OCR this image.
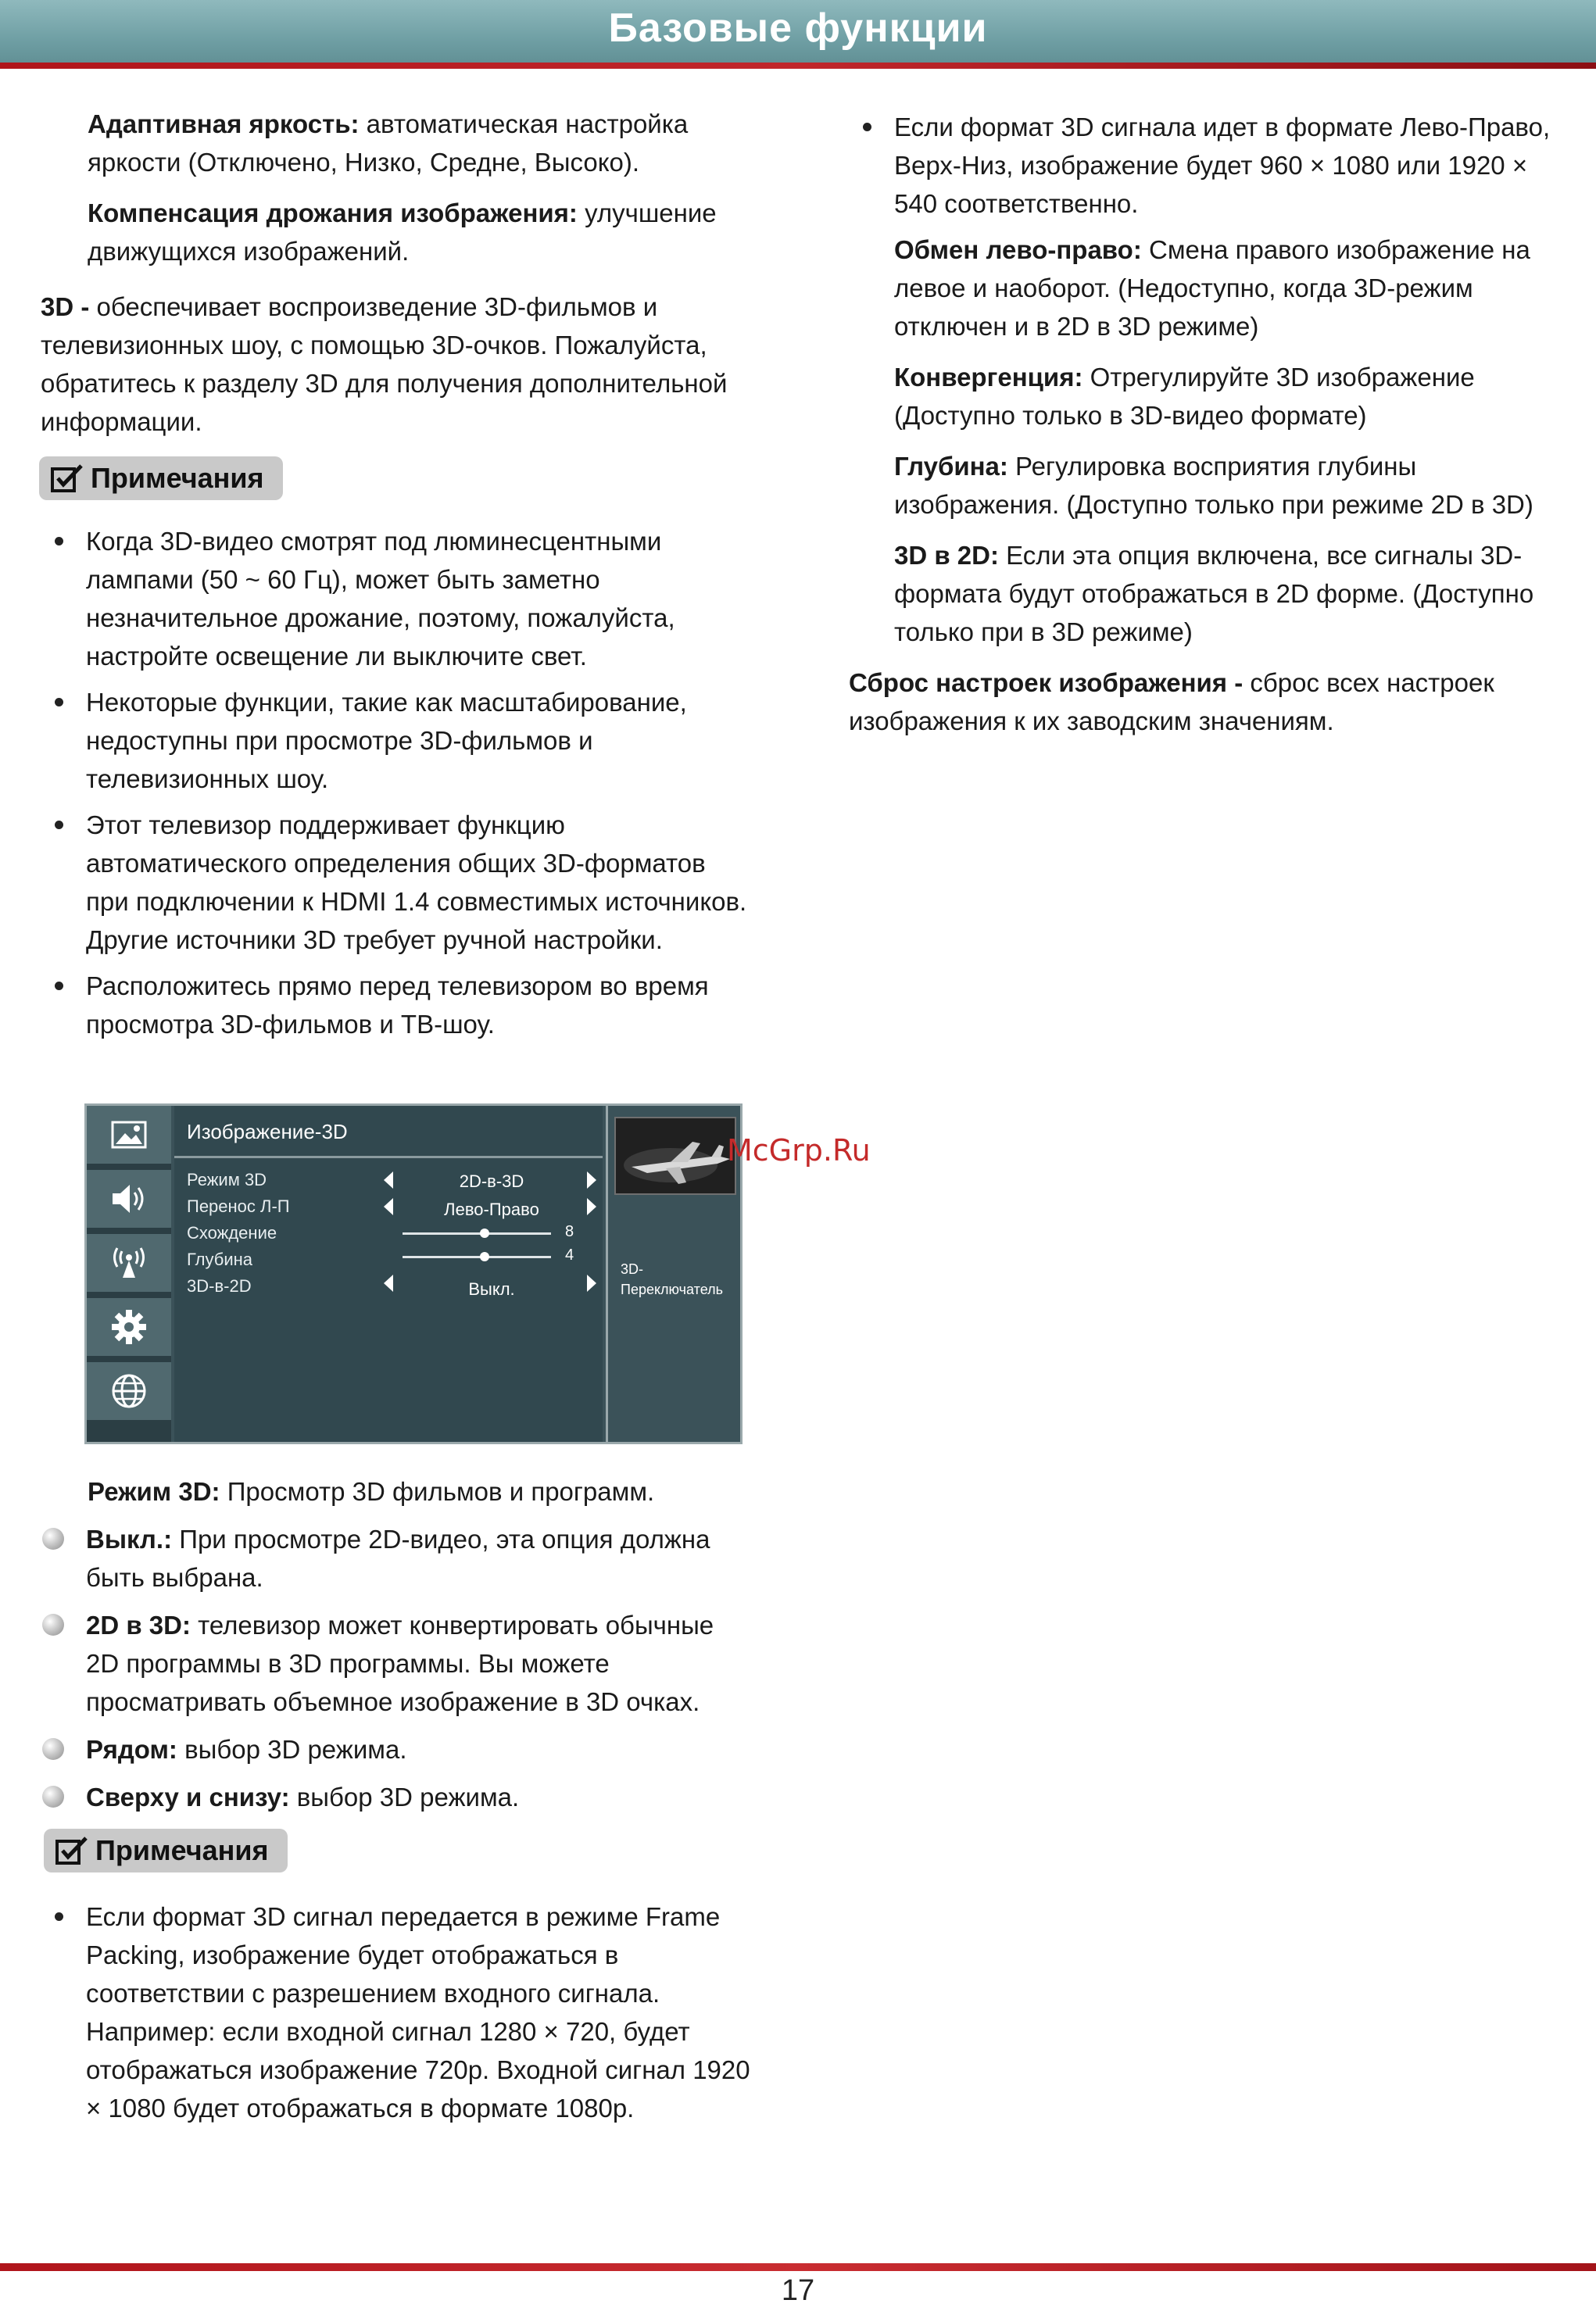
Базовые функции

Адаптивная яркость: автоматическая настройка яркости (Отключено, Низко, Средне, Высоко).

Компенсация дрожания изображения: улучшение движущихся изображений.

3D - обеспечивает воспроизведение 3D-фильмов и телевизионных шоу, с помощью 3D-очков. Пожалуйста, обратитесь к разделу 3D для получения дополнительной информации.

Примечания
Когда 3D-видео смотрят под люминесцентными лампами (50 ~ 60 Гц), может быть заметно незначительное дрожание, поэтому, пожалуйста, настройте освещение ли выключите свет.
Некоторые функции, такие как масштабирование, недоступны при просмотре 3D-фильмов и телевизионных шоу.
Этот телевизор поддерживает функцию автоматического определения общих 3D-форматов при подключении к HDMI 1.4 совместимых источников. Другие источники 3D требует ручной настройки.
Расположитесь прямо перед телевизором во время просмотра 3D-фильмов и ТВ-шоу.
Изображение-3D
Режим 3D	2D-в-3D
Перенос Л-П	Лево-Право
Схождение	8
Глубина	4
3D-в-2D	Выкл.
3D-
Переключатель
McGrp.Ru

Режим 3D: Просмотр 3D фильмов и программ.

Выкл.: При просмотре 2D-видео, эта опция должна быть выбрана.
2D в 3D: телевизор может конвертировать обычные 2D программы в 3D программы. Вы можете просматривать объемное изображение в 3D очках.
Рядом: выбор 3D режима.
Сверху и снизу: выбор 3D режима.
Примечания
Если формат 3D сигнал передается в режиме Frame Packing, изображение будет отображаться в соответствии с разрешением входного сигнала. Например: если входной сигнал 1280 × 720, будет отображаться изображение 720p. Входной сигнал 1920 × 1080 будет отображаться в формате 1080p.
Если формат 3D сигнала идет в формате Лево-Право, Верх-Низ, изображение будет 960 × 1080 или 1920 × 540 соответственно.

Обмен лево-право: Смена правого изображение на левое и наоборот. (Недоступно, когда 3D-режим отключен и в 2D в 3D режиме)

Конвергенция: Отрегулируйте 3D изображение (Доступно только в 3D-видео формате)

Глубина: Регулировка восприятия глубины изображения. (Доступно только при режиме 2D в 3D)

3D в 2D: Если эта опция включена, все сигналы 3D-формата будут отображаться в 2D форме. (Доступно только при в 3D режиме)

Сброс настроек изображения - сброс всех настроек изображения к их заводским значениям.

17
